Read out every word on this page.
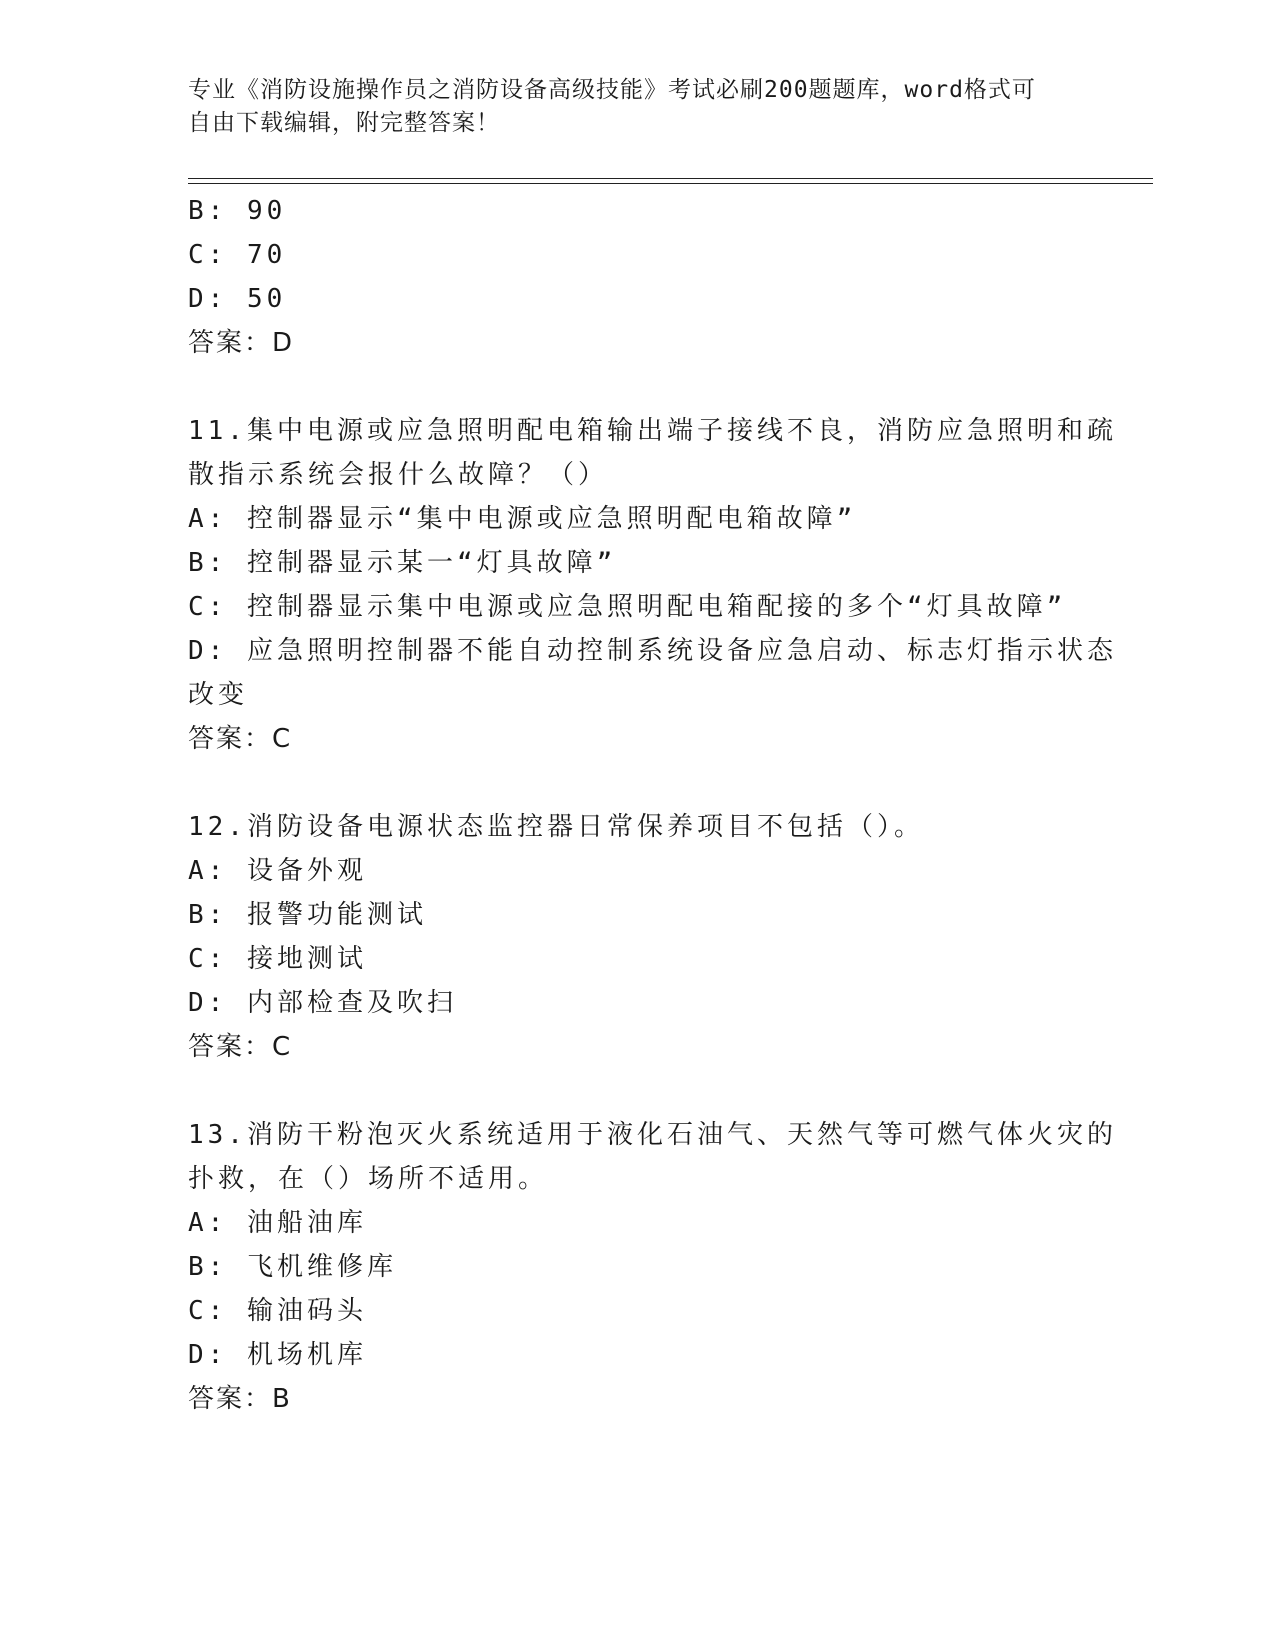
专业《消防设施操作员之消防设备高级技能》考试必刷200题题库，word格式可
自由下载编辑，附完整答案！
B: 90
C: 70
D: 50
答案：D
11.集中电源或应急照明配电箱输出端子接线不良，消防应急照明和疏
散指示系统会报什么故障？（）
A: 控制器显示“集中电源或应急照明配电箱故障”
B: 控制器显示某一“灯具故障”
C: 控制器显示集中电源或应急照明配电箱配接的多个“灯具故障”
D: 应急照明控制器不能自动控制系统设备应急启动、标志灯指示状态
改变
答案：C
12.消防设备电源状态监控器日常保养项目不包括（）。
A: 设备外观
B: 报警功能测试
C: 接地测试
D: 内部检查及吹扫
答案：C
13.消防干粉泡灭火系统适用于液化石油气、天然气等可燃气体火灾的
扑救，在（）场所不适用。
A: 油船油库
B: 飞机维修库
C: 输油码头
D: 机场机库
答案：B
